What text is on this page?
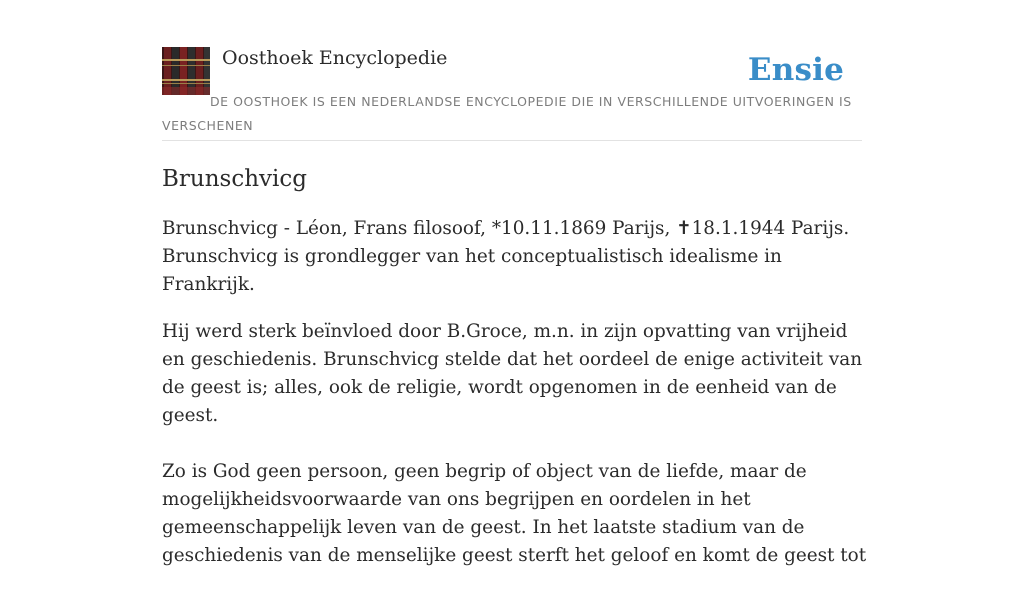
Oosthoek Encyclopedie	Ensie
DE OOSTHOEK IS EEN NEDERLANDSE ENCYCLOPEDIE DIE IN VERSCHILLENDE UITVOERINGEN IS VERSCHENEN
Brunschvicg

Brunschvicg - Léon, Frans filosoof, *10.11.1869 Parijs, ✝18.1.1944 Parijs. Brunschvicg is grondlegger van het conceptualistisch idealisme in Frankrijk.

Hij werd sterk beïnvloed door B.Groce, m.n. in zijn opvatting van vrijheid en geschiedenis. Brunschvicg stelde dat het oordeel de enige activiteit van de geest is; alles, ook de religie, wordt opgenomen in de eenheid van de geest.

Zo is God geen persoon, geen begrip of object van de liefde, maar de mogelijkheidsvoorwaarde van ons begrijpen en oordelen in het gemeenschappelijk leven van de geest. In het laatste stadium van de geschiedenis van de menselijke geest sterft het geloof en komt de geest tot
